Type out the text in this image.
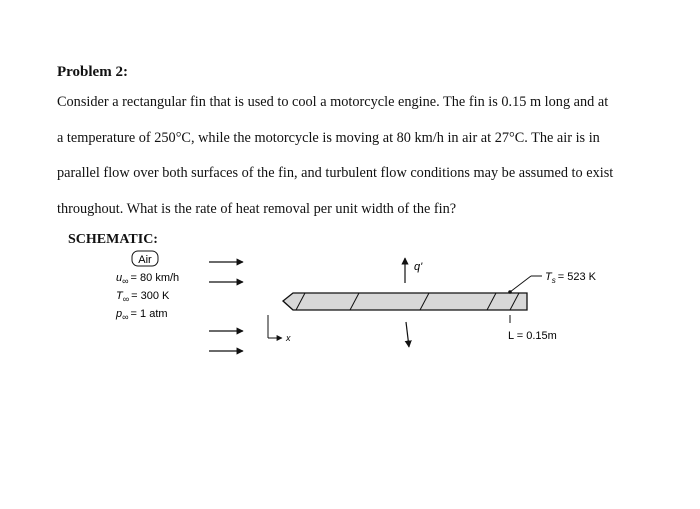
Problem 2:
Consider a rectangular fin that is used to cool a motorcycle engine. The fin is 0.15 m long and at
a temperature of 250°C, while the motorcycle is moving at 80 km/h in air at 27°C. The air is in
parallel flow over both surfaces of the fin, and turbulent flow conditions may be assumed to exist
throughout. What is the rate of heat removal per unit width of the fin?
SCHEMATIC:
Air
$u_\infty = 80$ km/h
$T_\infty = 300$ K
$p_\infty = 1$ atm
$T_s = 523$ K
q'
x	L = 0.15m
